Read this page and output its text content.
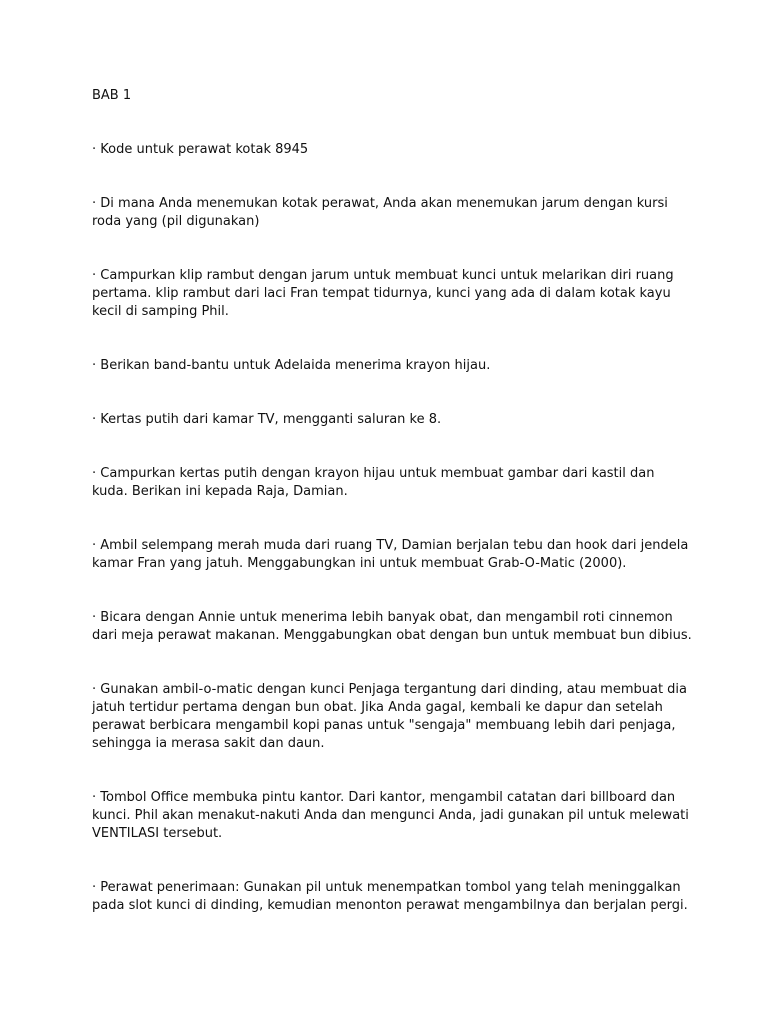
BAB 1
· Kode untuk perawat kotak 8945
· Di mana Anda menemukan kotak perawat, Anda akan menemukan jarum dengan kursi roda yang (pil digunakan)
· Campurkan klip rambut dengan jarum untuk membuat kunci untuk melarikan diri ruang pertama. klip rambut dari laci Fran tempat tidurnya, kunci yang ada di dalam kotak kayu kecil di samping Phil.
· Berikan band-bantu untuk Adelaida menerima krayon hijau.
· Kertas putih dari kamar TV, mengganti saluran ke 8.
· Campurkan kertas putih dengan krayon hijau untuk membuat gambar dari kastil dan kuda. Berikan ini kepada Raja, Damian.
· Ambil selempang merah muda dari ruang TV, Damian berjalan tebu dan hook dari jendela kamar Fran yang jatuh. Menggabungkan ini untuk membuat Grab-O-Matic (2000).
· Bicara dengan Annie untuk menerima lebih banyak obat, dan mengambil roti cinnemon dari meja perawat makanan. Menggabungkan obat dengan bun untuk membuat bun dibius.
· Gunakan ambil-o-matic dengan kunci Penjaga tergantung dari dinding, atau membuat dia jatuh tertidur pertama dengan bun obat. Jika Anda gagal, kembali ke dapur dan setelah perawat berbicara mengambil kopi panas untuk "sengaja" membuang lebih dari penjaga, sehingga ia merasa sakit dan daun.
· Tombol Office membuka pintu kantor. Dari kantor, mengambil catatan dari billboard dan kunci. Phil akan menakut-nakuti Anda dan mengunci Anda, jadi gunakan pil untuk melewati VENTILASI tersebut.
· Perawat penerimaan: Gunakan pil untuk menempatkan tombol yang telah meninggalkan pada slot kunci di dinding, kemudian menonton perawat mengambilnya dan berjalan pergi.
